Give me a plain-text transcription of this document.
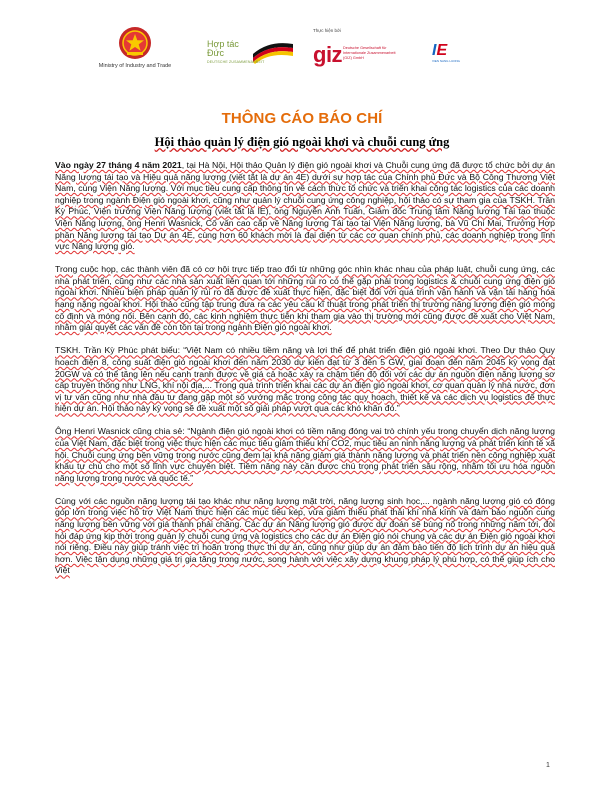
Ministry of Industry and Trade
Hợp tác
Đức
DEUTSCHE ZUSAMMENARBEIT
Thực hiện bởi
giz Deutsche Gesellschaft für Internationale Zusammenarbeit (GIZ) GmbH	IE
VIEN NANG LUONG
THÔNG CÁO BÁO CHÍ
Hội thảo quản lý điện gió ngoài khơi và chuỗi cung ứng

Vào ngày 27 tháng 4 năm 2021, tại Hà Nội, Hội thảo Quản lý điện gió ngoài khơi và Chuỗi cung ứng đã được tổ chức bởi dự án Năng lượng tái tạo và Hiệu quả năng lượng (viết tắt là dự án 4E) dưới sự hợp tác của Chính phủ Đức và Bộ Công Thương Việt Nam, cùng Viện Năng lượng. Với mục tiêu cung cấp thông tin về cách thức tổ chức và triển khai công tác logistics của các doanh nghiệp trong ngành Điện gió ngoài khơi, cũng như quản lý chuỗi cung ứng công nghiệp, hội thảo có sự tham gia của TSKH. Trần Kỳ Phúc, Viện trưởng Viện Năng lượng (viết tắt là IE), ông Nguyễn Anh Tuấn, Giám đốc Trung tâm Năng lượng Tái tạo thuộc Viện Năng lượng, ông Henri Wasnick, Cố vấn cao cấp về Năng lượng Tái tạo tại Viện Năng lượng, bà Vũ Chi Mai, Trưởng Hợp phần Năng lượng tái tạo Dự án 4E, cùng hơn 60 khách mời là đại diện từ các cơ quan chính phủ, các doanh nghiệp trong lĩnh vực Năng lượng gió.

Trong cuộc họp, các thành viên đã có cơ hội trực tiếp trao đổi từ những góc nhìn khác nhau của pháp luật, chuỗi cung ứng, các nhà phát triển, cũng như các nhà sản xuất liên quan tới những rủi ro có thể gặp phải trong logistics & chuỗi cung ứng điện gió ngoài khơi. Nhiều biện pháp quản lý rủi ro đã được đề xuất thực hiện, đặc biệt đối với quá trình vận hành và vận tải hàng hóa hạng nặng ngoài khơi. Hội thảo cũng tập trung đưa ra các yêu cầu kĩ thuật trong phát triển thị trường năng lượng điện gió móng cố định và móng nổi. Bên cạnh đó, các kinh nghiệm thực tiễn khi tham gia vào thị trường mới cũng được đề xuất cho Việt Nam, nhằm giải quyết các vấn đề còn tồn tại trong ngành Điện gió ngoài khơi.

TSKH. Trần Kỳ Phúc phát biểu: “Việt Nam có nhiều tiềm năng và lợi thế để phát triển điện gió ngoài khơi. Theo Dự thảo Quy hoạch điện 8, công suất điện gió ngoài khơi đến năm 2030 dự kiến đạt từ 3 đến 5 GW, giai đoạn đến năm 2045 kỳ vọng đạt 20GW và có thể tăng lên nếu cạnh tranh được về giá cả hoặc xảy ra chậm tiến độ đối với các dự án nguồn điện năng lượng sơ cấp truyền thống như LNG, khí nội địa,... Trong quá trình triển khai các dự án điện gió ngoài khơi, cơ quan quản lý nhà nước, đơn vị tư vấn cũng như nhà đầu tư đang gặp một số vướng mắc trong công tác quy hoạch, thiết kế và các dịch vụ logistics để thực hiện dự án. Hội thảo này kỳ vọng sẽ đề xuất một số giải pháp vượt qua các khó khăn đó.”

Ông Henri Wasnick cũng chia sẻ: “Ngành điện gió ngoài khơi có tiềm năng đóng vai trò chính yếu trong chuyển dịch năng lượng của Việt Nam, đặc biệt trong việc thực hiện các mục tiêu giảm thiểu khí CO2, mục tiêu an ninh năng lượng và phát triển kinh tế xã hội. Chuỗi cung ứng bền vững trong nước cũng đem lại khả năng giảm giá thành năng lượng và phát triển nền công nghiệp xuất khẩu tự chủ cho một số lĩnh vực chuyên biệt. Tiềm năng này cần được chú trọng phát triển sâu rộng, nhằm tối ưu hóa nguồn năng lượng trong nước và quốc tế.”

Cùng với các nguồn năng lượng tái tạo khác như năng lượng mặt trời, năng lượng sinh học,... ngành năng lượng gió có đóng góp lớn trong việc hỗ trợ Việt Nam thực hiện các mục tiêu kép, vừa giảm thiểu phát thải khí nhà kính và đảm bảo nguồn cung năng lượng bền vững với giá thành phải chăng. Các dự án Năng lượng gió được dự đoán sẽ bùng nổ trong những năm tới, đòi hỏi đáp ứng kịp thời trong quản lý chuỗi cung ứng và logistics cho các dự án Điện gió nói chung và các dự án Điện gió ngoài khơi nói riêng. Điều này giúp tránh việc trì hoãn trong thực thi dự án, cũng như giúp dự án đảm bảo tiến độ lịch trình dự án hiệu quả hơn. Việc tận dụng những giá trị gia tăng trong nước, song hành với việc xây dựng khung pháp lý phù hợp, có thể giúp ích cho Việt

1
